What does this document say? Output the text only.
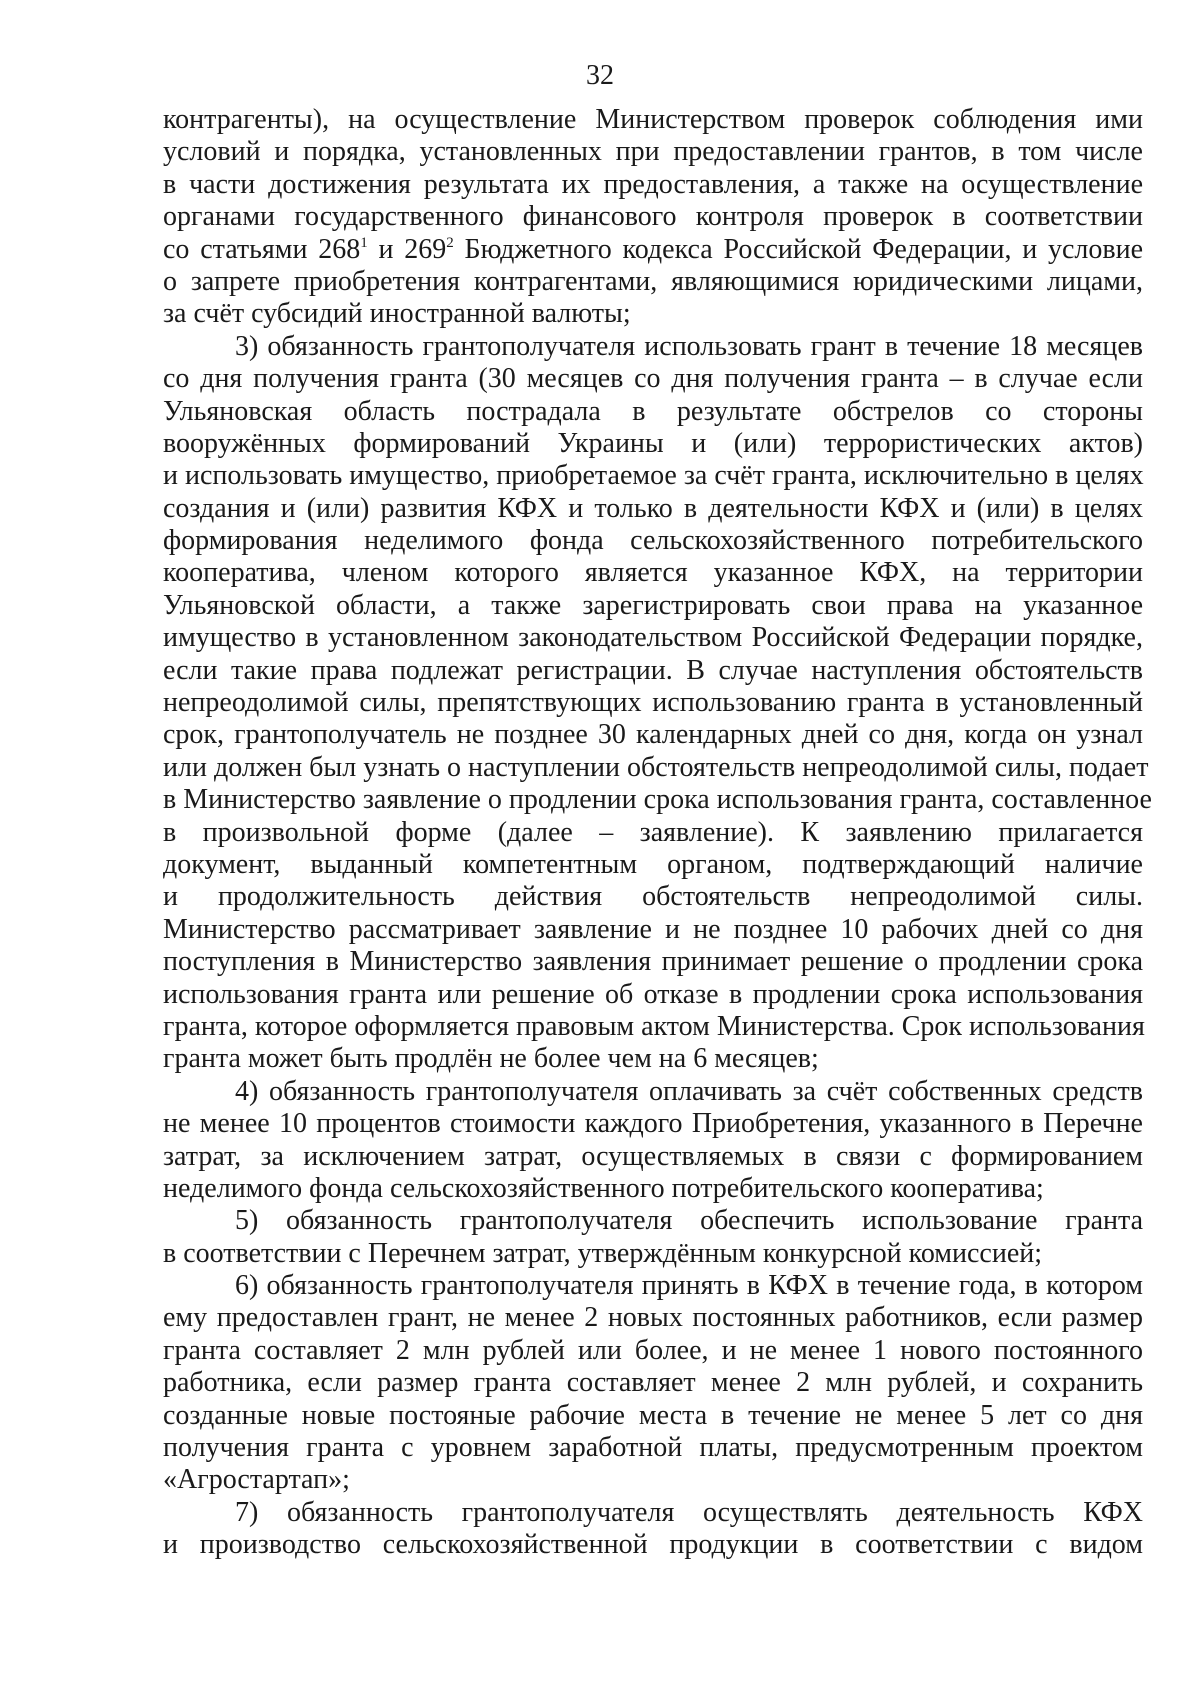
32
контрагенты), на осуществление Министерством проверок соблюдения ими
условий и порядка, установленных при предоставлении грантов, в том числе
в части достижения результата их предоставления, а также на осуществление
органами государственного финансового контроля проверок в соответствии
со статьями $268^1$ и $269^2$ Бюджетного кодекса Российской Федерации, и условие
о запрете приобретения контрагентами, являющимися юридическими лицами,
за счёт субсидий иностранной валюты;
3) обязанность грантополучателя использовать грант в течение 18 месяцев
со дня получения гранта (30 месяцев со дня получения гранта – в случае если
Ульяновская область пострадала в результате обстрелов со стороны
вооружённых формирований Украины и (или) террористических актов)
и использовать имущество, приобретаемое за счёт гранта, исключительно в целях
создания и (или) развития КФХ и только в деятельности КФХ и (или) в целях
формирования неделимого фонда сельскохозяйственного потребительского
кооператива, членом которого является указанное КФХ, на территории
Ульяновской области, а также зарегистрировать свои права на указанное
имущество в установленном законодательством Российской Федерации порядке,
если такие права подлежат регистрации. В случае наступления обстоятельств
непреодолимой силы, препятствующих использованию гранта в установленный
срок, грантополучатель не позднее 30 календарных дней со дня, когда он узнал
или должен был узнать о наступлении обстоятельств непреодолимой силы, подает
в Министерство заявление о продлении срока использования гранта, составленное
в произвольной форме (далее – заявление). К заявлению прилагается
документ, выданный компетентным органом, подтверждающий наличие
и продолжительность действия обстоятельств непреодолимой силы.
Министерство рассматривает заявление и не позднее 10 рабочих дней со дня
поступления в Министерство заявления принимает решение о продлении срока
использования гранта или решение об отказе в продлении срока использования
гранта, которое оформляется правовым актом Министерства. Срок использования
гранта может быть продлён не более чем на 6 месяцев;
4) обязанность грантополучателя оплачивать за счёт собственных средств
не менее 10 процентов стоимости каждого Приобретения, указанного в Перечне
затрат, за исключением затрат, осуществляемых в связи с формированием
неделимого фонда сельскохозяйственного потребительского кооператива;
5) обязанность грантополучателя обеспечить использование гранта
в соответствии с Перечнем затрат, утверждённым конкурсной комиссией;
6) обязанность грантополучателя принять в КФХ в течение года, в котором
ему предоставлен грант, не менее 2 новых постоянных работников, если размер
гранта составляет 2 млн рублей или более, и не менее 1 нового постоянного
работника, если размер гранта составляет менее 2 млн рублей, и сохранить
созданные новые постояные рабочие места в течение не менее 5 лет со дня
получения гранта с уровнем заработной платы, предусмотренным проектом
«Агростартап»;
7) обязанность грантополучателя осуществлять деятельность КФХ
и производство сельскохозяйственной продукции в соответствии с видом
